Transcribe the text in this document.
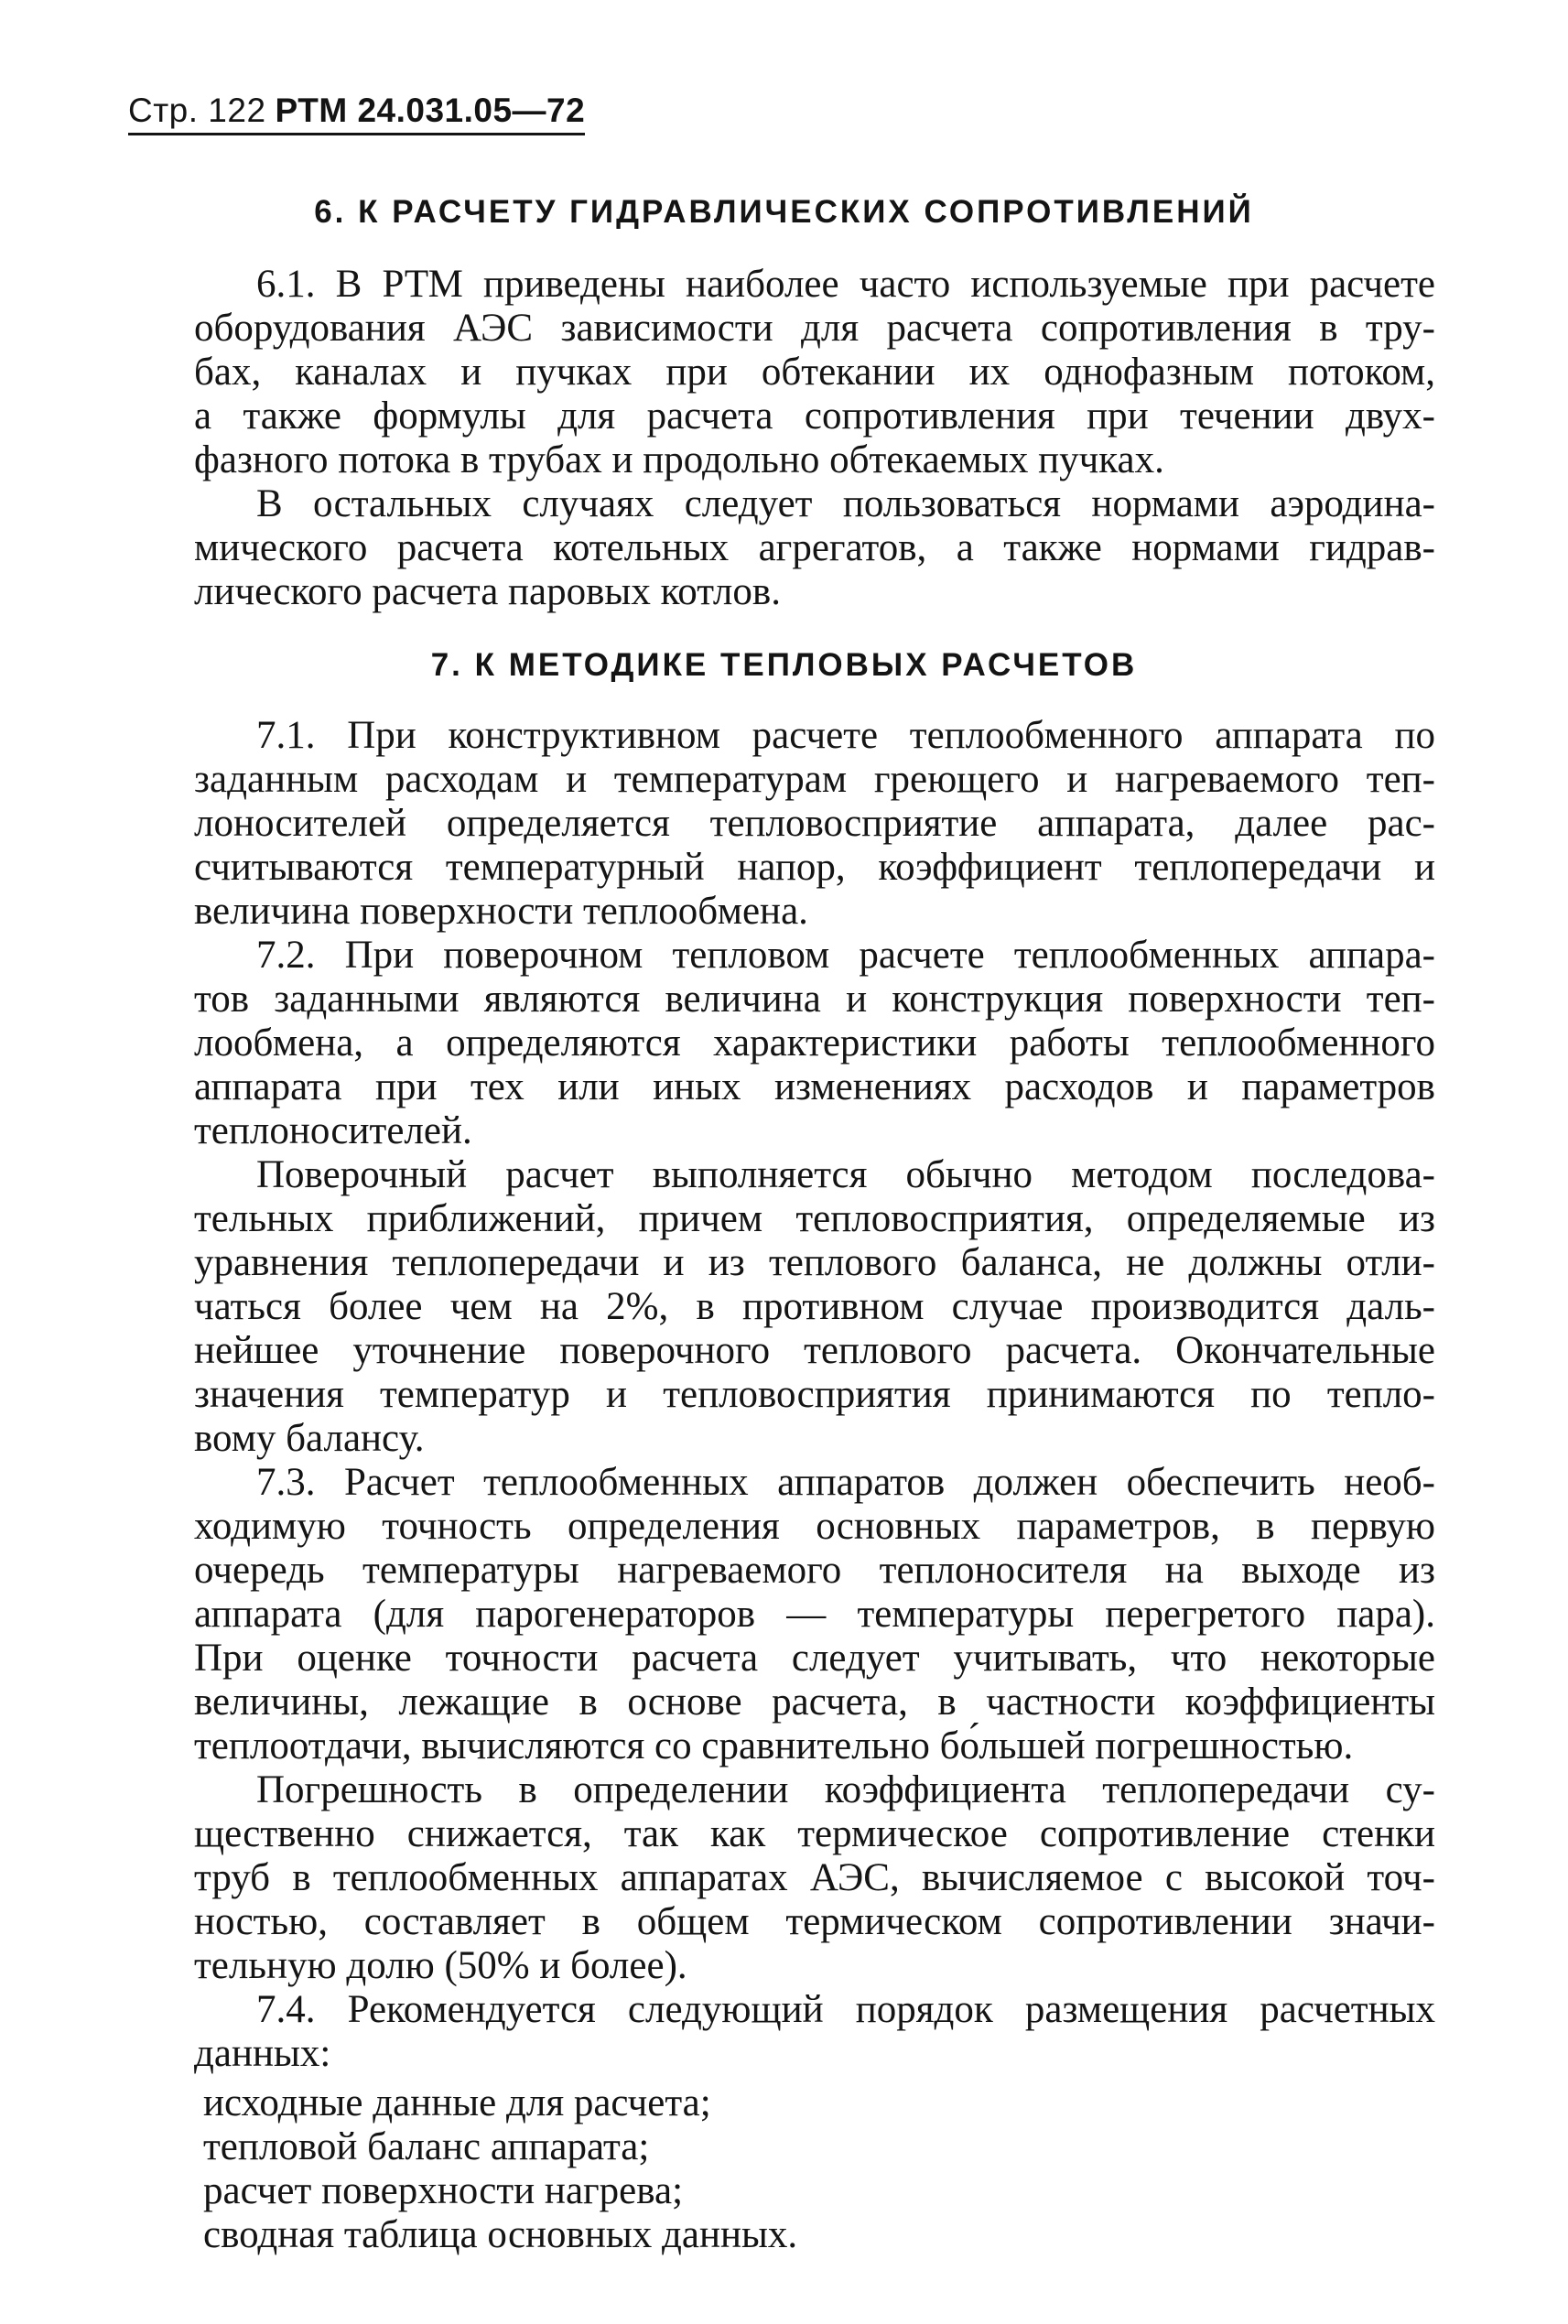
Стр. 122 РТМ 24.031.05—72
6. К РАСЧЕТУ ГИДРАВЛИЧЕСКИХ СОПРОТИВЛЕНИЙ
6.1. В РТМ приведены наиболее часто используемые при расчете
оборудования АЭС зависимости для расчета сопротивления в тру-
бах, каналах и пучках при обтекании их однофазным потоком,
а также формулы для расчета сопротивления при течении двух-
фазного потока в трубах и продольно обтекаемых пучках.
В остальных случаях следует пользоваться нормами аэродина-
мического расчета котельных агрегатов, а также нормами гидрав-
лического расчета паровых котлов.
7. К МЕТОДИКЕ ТЕПЛОВЫХ РАСЧЕТОВ
7.1. При конструктивном расчете теплообменного аппарата по
заданным расходам и температурам греющего и нагреваемого теп-
лоносителей определяется тепловосприятие аппарата, далее рас-
считываются температурный напор, коэффициент теплопередачи и
величина поверхности теплообмена.
7.2. При поверочном тепловом расчете теплообменных аппара-
тов заданными являются величина и конструкция поверхности теп-
лообмена, а определяются характеристики работы теплообменного
аппарата при тех или иных изменениях расходов и параметров
теплоносителей.
Поверочный расчет выполняется обычно методом последова-
тельных приближений, причем тепловосприятия, определяемые из
уравнения теплопередачи и из теплового баланса, не должны отли-
чаться более чем на 2%, в противном случае производится даль-
нейшее уточнение поверочного теплового расчета. Окончательные
значения температур и тепловосприятия принимаются по тепло-
вому балансу.
7.3. Расчет теплообменных аппаратов должен обеспечить необ-
ходимую точность определения основных параметров, в первую
очередь температуры нагреваемого теплоносителя на выходе из
аппарата (для парогенераторов — температуры перегретого пара).
При оценке точности расчета следует учитывать, что некоторые
величины, лежащие в основе расчета, в частности коэффициенты
теплоотдачи, вычисляются со сравнительно бо́льшей погрешностью.
Погрешность в определении коэффициента теплопередачи су-
щественно снижается, так как термическое сопротивление стенки
труб в теплообменных аппаратах АЭС, вычисляемое с высокой точ-
ностью, составляет в общем термическом сопротивлении значи-
тельную долю (50% и более).
7.4. Рекомендуется следующий порядок размещения расчетных
данных:
исходные данные для расчета;
тепловой баланс аппарата;
расчет поверхности нагрева;
сводная таблица основных данных.
